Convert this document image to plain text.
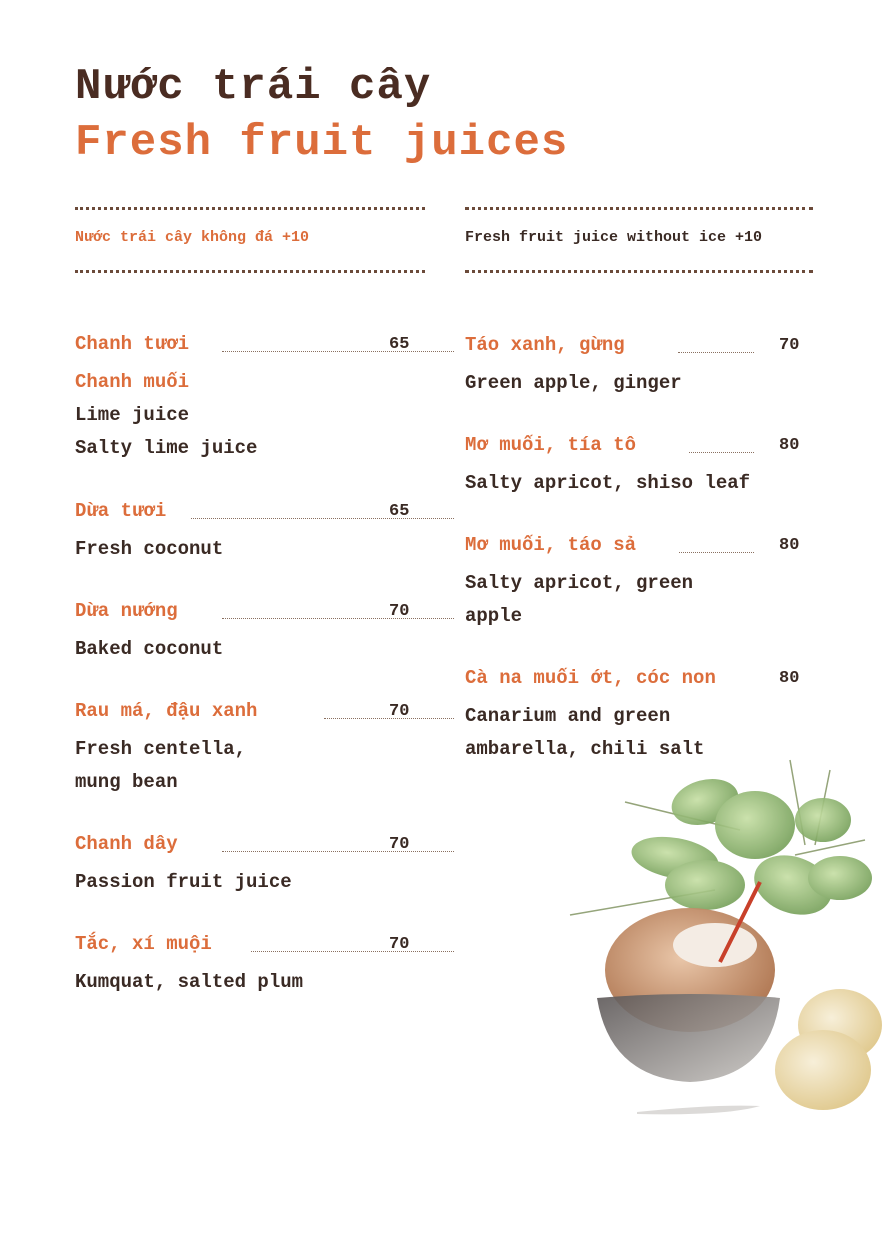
Nước trái cây
Fresh fruit juices
Nước trái cây không đá +10	Fresh fruit juice without ice +10
Chanh tươi	65
Chanh muối
Lime juice
Salty lime juice
Dừa tươi	65
Fresh coconut
Dừa nướng	70
Baked coconut
Rau má, đậu xanh	70
Fresh centella,
mung bean
Chanh dây	70
Passion fruit juice
Tắc, xí muội	70
Kumquat, salted plum
Táo xanh, gừng	70
Green apple, ginger
Mơ muối, tía tô	80
Salty apricot, shiso leaf
Mơ muối, táo sả	80
Salty apricot, green
apple
Cà na muối ớt, cóc non	80
Canarium and green
ambarella, chili salt
